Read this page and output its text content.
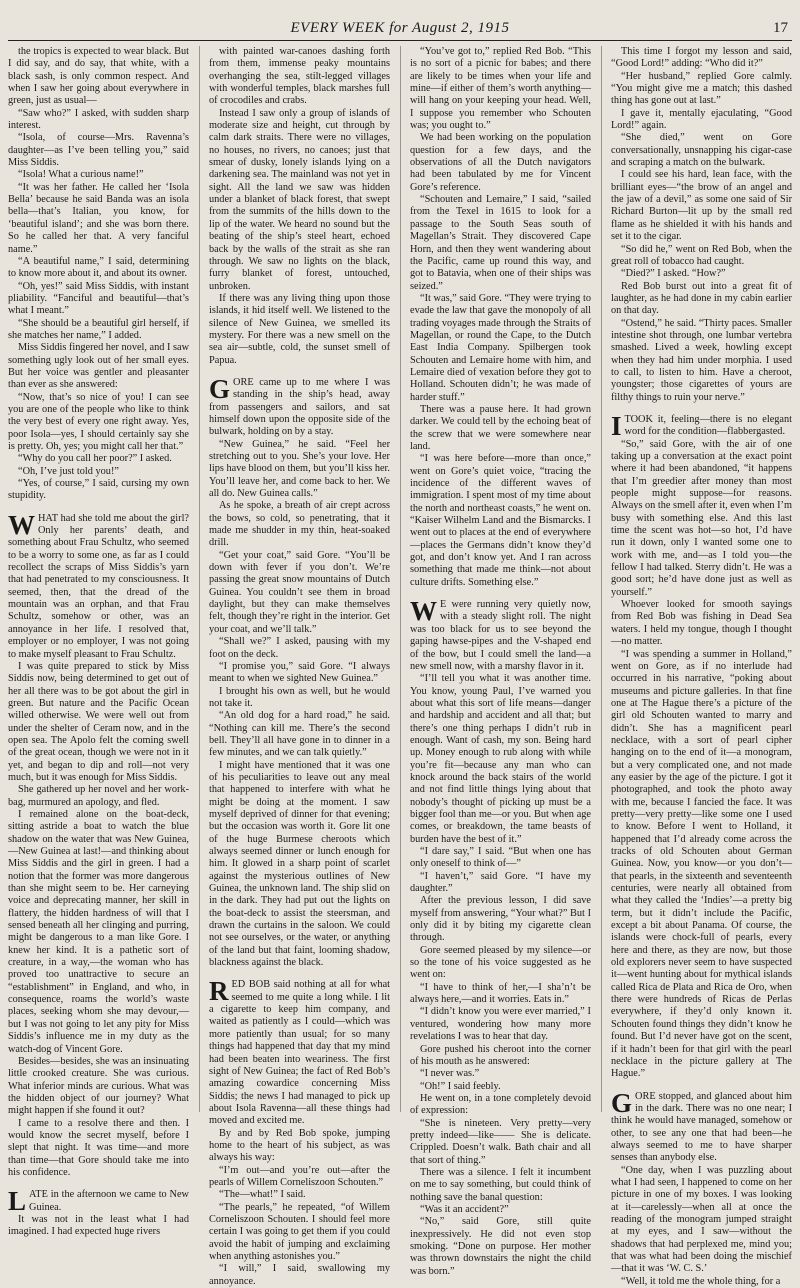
EVERY WEEK for August 2, 1915	17

the tropics is expected to wear black. But I did say, and do say, that white, with a black sash, is only common respect. And when I saw her going about everywhere in green, just as usual—

“Saw who?” I asked, with sudden sharp interest.

“Isola, of course—Mrs. Ravenna’s daughter—as I’ve been telling you,” said Miss Siddis.

“Isola! What a curious name!”

“It was her father. He called her ‘Isola Bella’ because he said Banda was an isola bella—that’s Italian, you know, for ‘beautiful island’; and she was born there. So he called her that. A very fanciful name.”

“A beautiful name,” I said, determining to know more about it, and about its owner.

“Oh, yes!” said Miss Siddis, with instant pliability. “Fanciful and beautiful—that’s what I meant.”

“She should be a beautiful girl herself, if she matches her name,” I added.

Miss Siddis fingered her novel, and I saw something ugly look out of her small eyes. But her voice was gentler and pleasanter than ever as she answered:

“Now, that’s so nice of you! I can see you are one of the people who like to think the very best of every one right away. Yes, poor Isola—yes, I should certainly say she is pretty. Oh, yes; you might call her that.”

“Why do you call her poor?” I asked.

“Oh, I’ve just told you!”

“Yes, of course,” I said, cursing my own stupidity.

WHAT had she told me about the girl? Only her parents’ death, and something about Frau Schultz, who seemed to be a worry to some one, as far as I could recollect the scraps of Miss Siddis’s yarn that had penetrated to my consciousness. It seemed, then, that the dread of the mountain was an orphan, and that Frau Schultz, somehow or other, was an annoyance in her life. I resolved that, employer or no employer, I was not going to make myself pleasant to Frau Schultz.

I was quite prepared to stick by Miss Siddis now, being determined to get out of her all there was to be got about the girl in green. But nature and the Pacific Ocean willed otherwise. We were well out from under the shelter of Ceram now, and in the open sea. The Apolo felt the coming swell of the great ocean, though we were not in it yet, and began to dip and roll—not very much, but it was enough for Miss Siddis.

She gathered up her novel and her work-bag, murmured an apology, and fled.

I remained alone on the boat-deck, sitting astride a boat to watch the blue shadow on the water that was New Guinea,—New Guinea at last!—and thinking about Miss Siddis and the girl in green. I had a notion that the former was more dangerous than she might seem to be. Her carneying voice and deprecating manner, her skill in flattery, the hidden hardness of will that I sensed beneath all her clinging and purring, might be dangerous to a man like Gore. I knew her kind. It is a pathetic sort of creature, in a way,—the woman who has proved too unattractive to secure an “establishment” in England, and who, in consequence, roams the world’s waste places, seeking whom she may devour,—but I was not going to let any pity for Miss Siddis’s influence me in my duty as the watch-dog of Vincent Gore.

Besides—besides, she was an insinuating little crooked creature. She was curious. What inferior minds are curious. What was the hidden object of our journey? What might happen if she found it out?

I came to a resolve there and then. I would know the secret myself, before I slept that night. It was time—and more than time—that Gore should take me into his confidence.

LATE in the afternoon we came to New Guinea.

It was not in the least what I had imagined. I had expected huge rivers

with painted war-canoes dashing forth from them, immense peaky mountains overhanging the sea, stilt-legged villages with wonderful temples, black marshes full of crocodiles and crabs.

Instead I saw only a group of islands of moderate size and height, cut through by calm dark straits. There were no villages, no houses, no rivers, no canoes; just that smear of dusky, lonely islands lying on a darkening sea. The mainland was not yet in sight. All the land we saw was hidden under a blanket of black forest, that swept from the summits of the hills down to the lip of the water. We heard no sound but the beating of the ship’s steel heart, echoed back by the walls of the strait as she ran through. We saw no lights on the black, furry blanket of forest, untouched, unbroken.

If there was any living thing upon those islands, it hid itself well. We listened to the silence of New Guinea, we smelled its mystery. For there was a new smell on the sea air—subtle, cold, the sunset smell of Papua.

GORE came up to me where I was standing in the ship’s head, away from passengers and sailors, and sat himself down upon the opposite side of the bulwark, holding on by a stay.

“New Guinea,” he said. “Feel her stretching out to you. She’s your love. Her lips have blood on them, but you’ll kiss her. You’ll leave her, and come back to her. We all do. New Guinea calls.”

As he spoke, a breath of air crept across the bows, so cold, so penetrating, that it made me shudder in my thin, heat-soaked drill.

“Get your coat,” said Gore. “You’ll be down with fever if you don’t. We’re passing the great snow mountains of Dutch Guinea. You couldn’t see them in broad daylight, but they can make themselves felt, though they’re right in the interior. Get your coat, and we’ll talk.”

“Shall we?” I asked, pausing with my foot on the deck.

“I promise you,” said Gore. “I always meant to when we sighted New Guinea.”

I brought his own as well, but he would not take it.

“An old dog for a hard road,” he said. “Nothing can kill me. There’s the second bell. They’ll all have gone in to dinner in a few minutes, and we can talk quietly.”

I might have mentioned that it was one of his peculiarities to leave out any meal that happened to interfere with what he might be doing at the moment. I saw myself deprived of dinner for that evening; but the occasion was worth it. Gore lit one of the huge Burmese cheroots which always seemed dinner or lunch enough for him. It glowed in a sharp point of scarlet against the mysterious outlines of New Guinea, the unknown land. The ship slid on in the dark. They had put out the lights on the boat-deck to assist the steersman, and drawn the curtains in the saloon. We could not see ourselves, or the water, or anything of the land but that faint, looming shadow, blackness against the black.

RED BOB said nothing at all for what seemed to me quite a long while. I lit a cigarette to keep him company, and waited as patiently as I could—which was more patiently than usual; for so many things had happened that day that my mind had been beaten into weariness. The first sight of New Guinea; the fact of Red Bob’s amazing cowardice concerning Miss Siddis; the news I had managed to pick up about Isola Ravenna—all these things had moved and excited me.

By and by Red Bob spoke, jumping home to the heart of his subject, as was always his way:

“I’m out—and you’re out—after the pearls of Willem Corneliszoon Schouten.”

“The—what!” I said.

“The pearls,” he repeated, “of Willem Corneliszoon Schouten. I should feel more certain I was going to get them if you could avoid the habit of jumping and exclaiming when anything astonishes you.”

“I will,” I said, swallowing my annoyance.

“You’ve got to,” replied Red Bob. “This is no sort of a picnic for babes; and there are likely to be times when your life and mine—if either of them’s worth anything—will hang on your keeping your head. Well, I suppose you remember who Schouten was; you ought to.”

We had been working on the population question for a few days, and the observations of all the Dutch navigators had been tabulated by me for Vincent Gore’s reference.

“Schouten and Lemaire,” I said, “sailed from the Texel in 1615 to look for a passage to the South Seas south of Magellan’s Strait. They discovered Cape Horn, and then they went wandering about the Pacific, came up round this way, and got to Batavia, when one of their ships was seized.”

“It was,” said Gore. “They were trying to evade the law that gave the monopoly of all trading voyages made through the Straits of Magellan, or round the Cape, to the Dutch East India Company. Spilbergen took Schouten and Lemaire home with him, and Lemaire died of vexation before they got to Holland. Schouten didn’t; he was made of harder stuff.”

There was a pause here. It had grown darker. We could tell by the echoing beat of the screw that we were somewhere near land.

“I was here before—more than once,” went on Gore’s quiet voice, “tracing the incidence of the different waves of immigration. I spent most of my time about the north and northeast coasts,” he went on. “Kaiser Wilhelm Land and the Bismarcks. I went out to places at the end of everywhere—places the Germans didn’t know they’d got, and don’t know yet. And I ran across something that made me think—not about culture drifts. Something else.”

WE were running very quietly now, with a steady slight roll. The night was too black for us to see beyond the gaping hawse-pipes and the V-shaped end of the bow, but I could smell the land—a new smell now, with a marshy flavor in it.

“I’ll tell you what it was another time. You know, young Paul, I’ve warned you about what this sort of life means—danger and hardship and accident and all that; but there’s one thing perhaps I didn’t rub in enough. Want of cash, my son. Being hard up. Money enough to rub along with while you’re fit—because any man who can knock around the back stairs of the world and not find little things lying about that nobody’s thought of picking up must be a bigger fool than me—or you. But when age comes, or breakdown, the tame beasts of burden have the best of it.”

“I dare say,” I said. “But when one has only oneself to think of—”

“I haven’t,” said Gore. “I have my daughter.”

After the previous lesson, I did save myself from answering, “Your what?” But I only did it by biting my cigarette clean through.

Gore seemed pleased by my silence—or so the tone of his voice suggested as he went on:

“I have to think of her,—I sha’n’t be always here,—and it worries. Eats in.”

“I didn’t know you were ever married,” I ventured, wondering how many more revelations I was to hear that day.

Gore pushed his cheroot into the corner of his mouth as he answered:

“I never was.”

“Oh!” I said feebly.

He went on, in a tone completely devoid of expression:

“She is nineteen. Very pretty—very pretty indeed—like—— She is delicate. Crippled. Doesn’t walk. Bath chair and all that sort of thing.”

There was a silence. I felt it incumbent on me to say something, but could think of nothing save the banal question:

“Was it an accident?”

“No,” said Gore, still quite inexpressively. He did not even stop smoking. “Done on purpose. Her mother was thrown downstairs the night the child was born.”

This time I forgot my lesson and said, “Good Lord!” adding: “Who did it?”

“Her husband,” replied Gore calmly. “You might give me a match; this dashed thing has gone out at last.”

I gave it, mentally ejaculating, “Good Lord!” again.

“She died,” went on Gore conversationally, unsnapping his cigar-case and scraping a match on the bulwark.

I could see his hard, lean face, with the brilliant eyes—“the brow of an angel and the jaw of a devil,” as some one said of Sir Richard Burton—lit up by the small red flame as he shielded it with his hands and set it to the cigar.

“So did he,” went on Red Bob, when the great roll of tobacco had caught.

“Died?” I asked. “How?”

Red Bob burst out into a great fit of laughter, as he had done in my cabin earlier on that day.

“Ostend,” he said. “Thirty paces. Smaller intestine shot through, one lumbar vertebra smashed. Lived a week, howling except when they had him under morphia. I used to call, to listen to him. Have a cheroot, youngster; those cigarettes of yours are filthy things to ruin your nerve.”

ITOOK it, feeling—there is no elegant word for the condition—flabbergasted.

“So,” said Gore, with the air of one taking up a conversation at the exact point where it had been abandoned, “it happens that I’m greedier after money than most people might suppose—for reasons. Always on the smell after it, even when I’m busy with something else. And this last time the scent was hot—so hot, I’d have run it down, only I wanted some one to work with me, and—as I told you—the fellow I had talked. Sterry didn’t. He was a good sort; he’d have done just as well as yourself.”

Whoever looked for smooth sayings from Red Bob was fishing in Dead Sea waters. I held my tongue, though I thought—no matter.

“I was spending a summer in Holland,” went on Gore, as if no interlude had occurred in his narrative, “poking about museums and picture galleries. In that fine one at The Hague there’s a picture of the girl old Schouten wanted to marry and didn’t. She has a magnificent pearl necklace, with a sort of pearl cipher hanging on to the end of it—a monogram, but a very complicated one, and not made any easier by the age of the picture. I got it photographed, and took the photo away with me, because I fancied the face. It was pretty—very pretty—like some one I used to know. Before I went to Holland, it happened that I’d already come across the tracks of old Schouten about German Guinea. Now, you know—or you don’t—that pearls, in the sixteenth and seventeenth centuries, were nearly all obtained from what they called the ‘Indies’—a pretty big term, but it didn’t include the Pacific, except a bit about Panama. Of course, the islands were chock-full of pearls, every here and there, as they are now, but those old explorers never seem to have suspected it—went hunting about for mythical islands called Rica de Plata and Rica de Oro, when there were hundreds of Ricas de Perlas everywhere, if they’d only known it. Schouten found things they didn’t know he found. But I’d never have got on the scent, if it hadn’t been for that girl with the pearl necklace in the picture gallery at The Hague.”

GORE stopped, and glanced about him in the dark. There was no one near; I think he would have managed, somehow or other, to see any one that had been—he always seemed to me to have sharper senses than anybody else.

“One day, when I was puzzling about what I had seen, I happened to come on her picture in one of my boxes. I was looking at it—carelessly—when all at once the reading of the monogram jumped straight at my eyes, and I saw—without the shadows that had perplexed me, mind you; that was what had been doing the mischief—that it was ‘W. C. S.’

“Well, it told me the whole thing, for a
